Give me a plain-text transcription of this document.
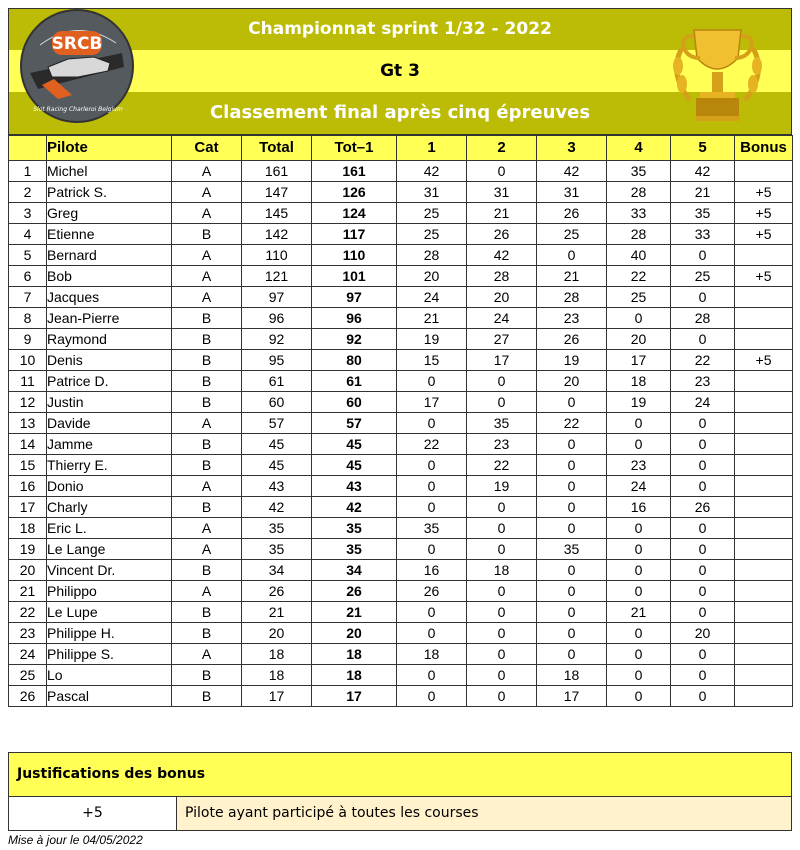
Championnat sprint 1/32 - 2022
Gt 3
Classement final après cinq épreuves
SRCB
Slot Racing Charleroi Belgium
	Pilote	Cat	Total	Tot–1	1	2	3	4	5	Bonus
1	Michel	A	161	161	42	0	42	35	42	
2	Patrick S.	A	147	126	31	31	31	28	21	+5
3	Greg	A	145	124	25	21	26	33	35	+5
4	Etienne	B	142	117	25	26	25	28	33	+5
5	Bernard	A	110	110	28	42	0	40	0	
6	Bob	A	121	101	20	28	21	22	25	+5
7	Jacques	A	97	97	24	20	28	25	0	
8	Jean-Pierre	B	96	96	21	24	23	0	28	
9	Raymond	B	92	92	19	27	26	20	0	
10	Denis	B	95	80	15	17	19	17	22	+5
11	Patrice D.	B	61	61	0	0	20	18	23	
12	Justin	B	60	60	17	0	0	19	24	
13	Davide	A	57	57	0	35	22	0	0	
14	Jamme	B	45	45	22	23	0	0	0	
15	Thierry E.	B	45	45	0	22	0	23	0	
16	Donio	A	43	43	0	19	0	24	0	
17	Charly	B	42	42	0	0	0	16	26	
18	Eric L.	A	35	35	35	0	0	0	0	
19	Le Lange	A	35	35	0	0	35	0	0	
20	Vincent Dr.	B	34	34	16	18	0	0	0	
21	Philippo	A	26	26	26	0	0	0	0	
22	Le Lupe	B	21	21	0	0	0	21	0	
23	Philippe H.	B	20	20	0	0	0	0	20	
24	Philippe S.	A	18	18	18	0	0	0	0	
25	Lo	B	18	18	0	0	18	0	0	
26	Pascal	B	17	17	0	0	17	0	0	
Justifications des bonus
+5	Pilote ayant participé à toutes les courses
Mise à jour le 04/05/2022
